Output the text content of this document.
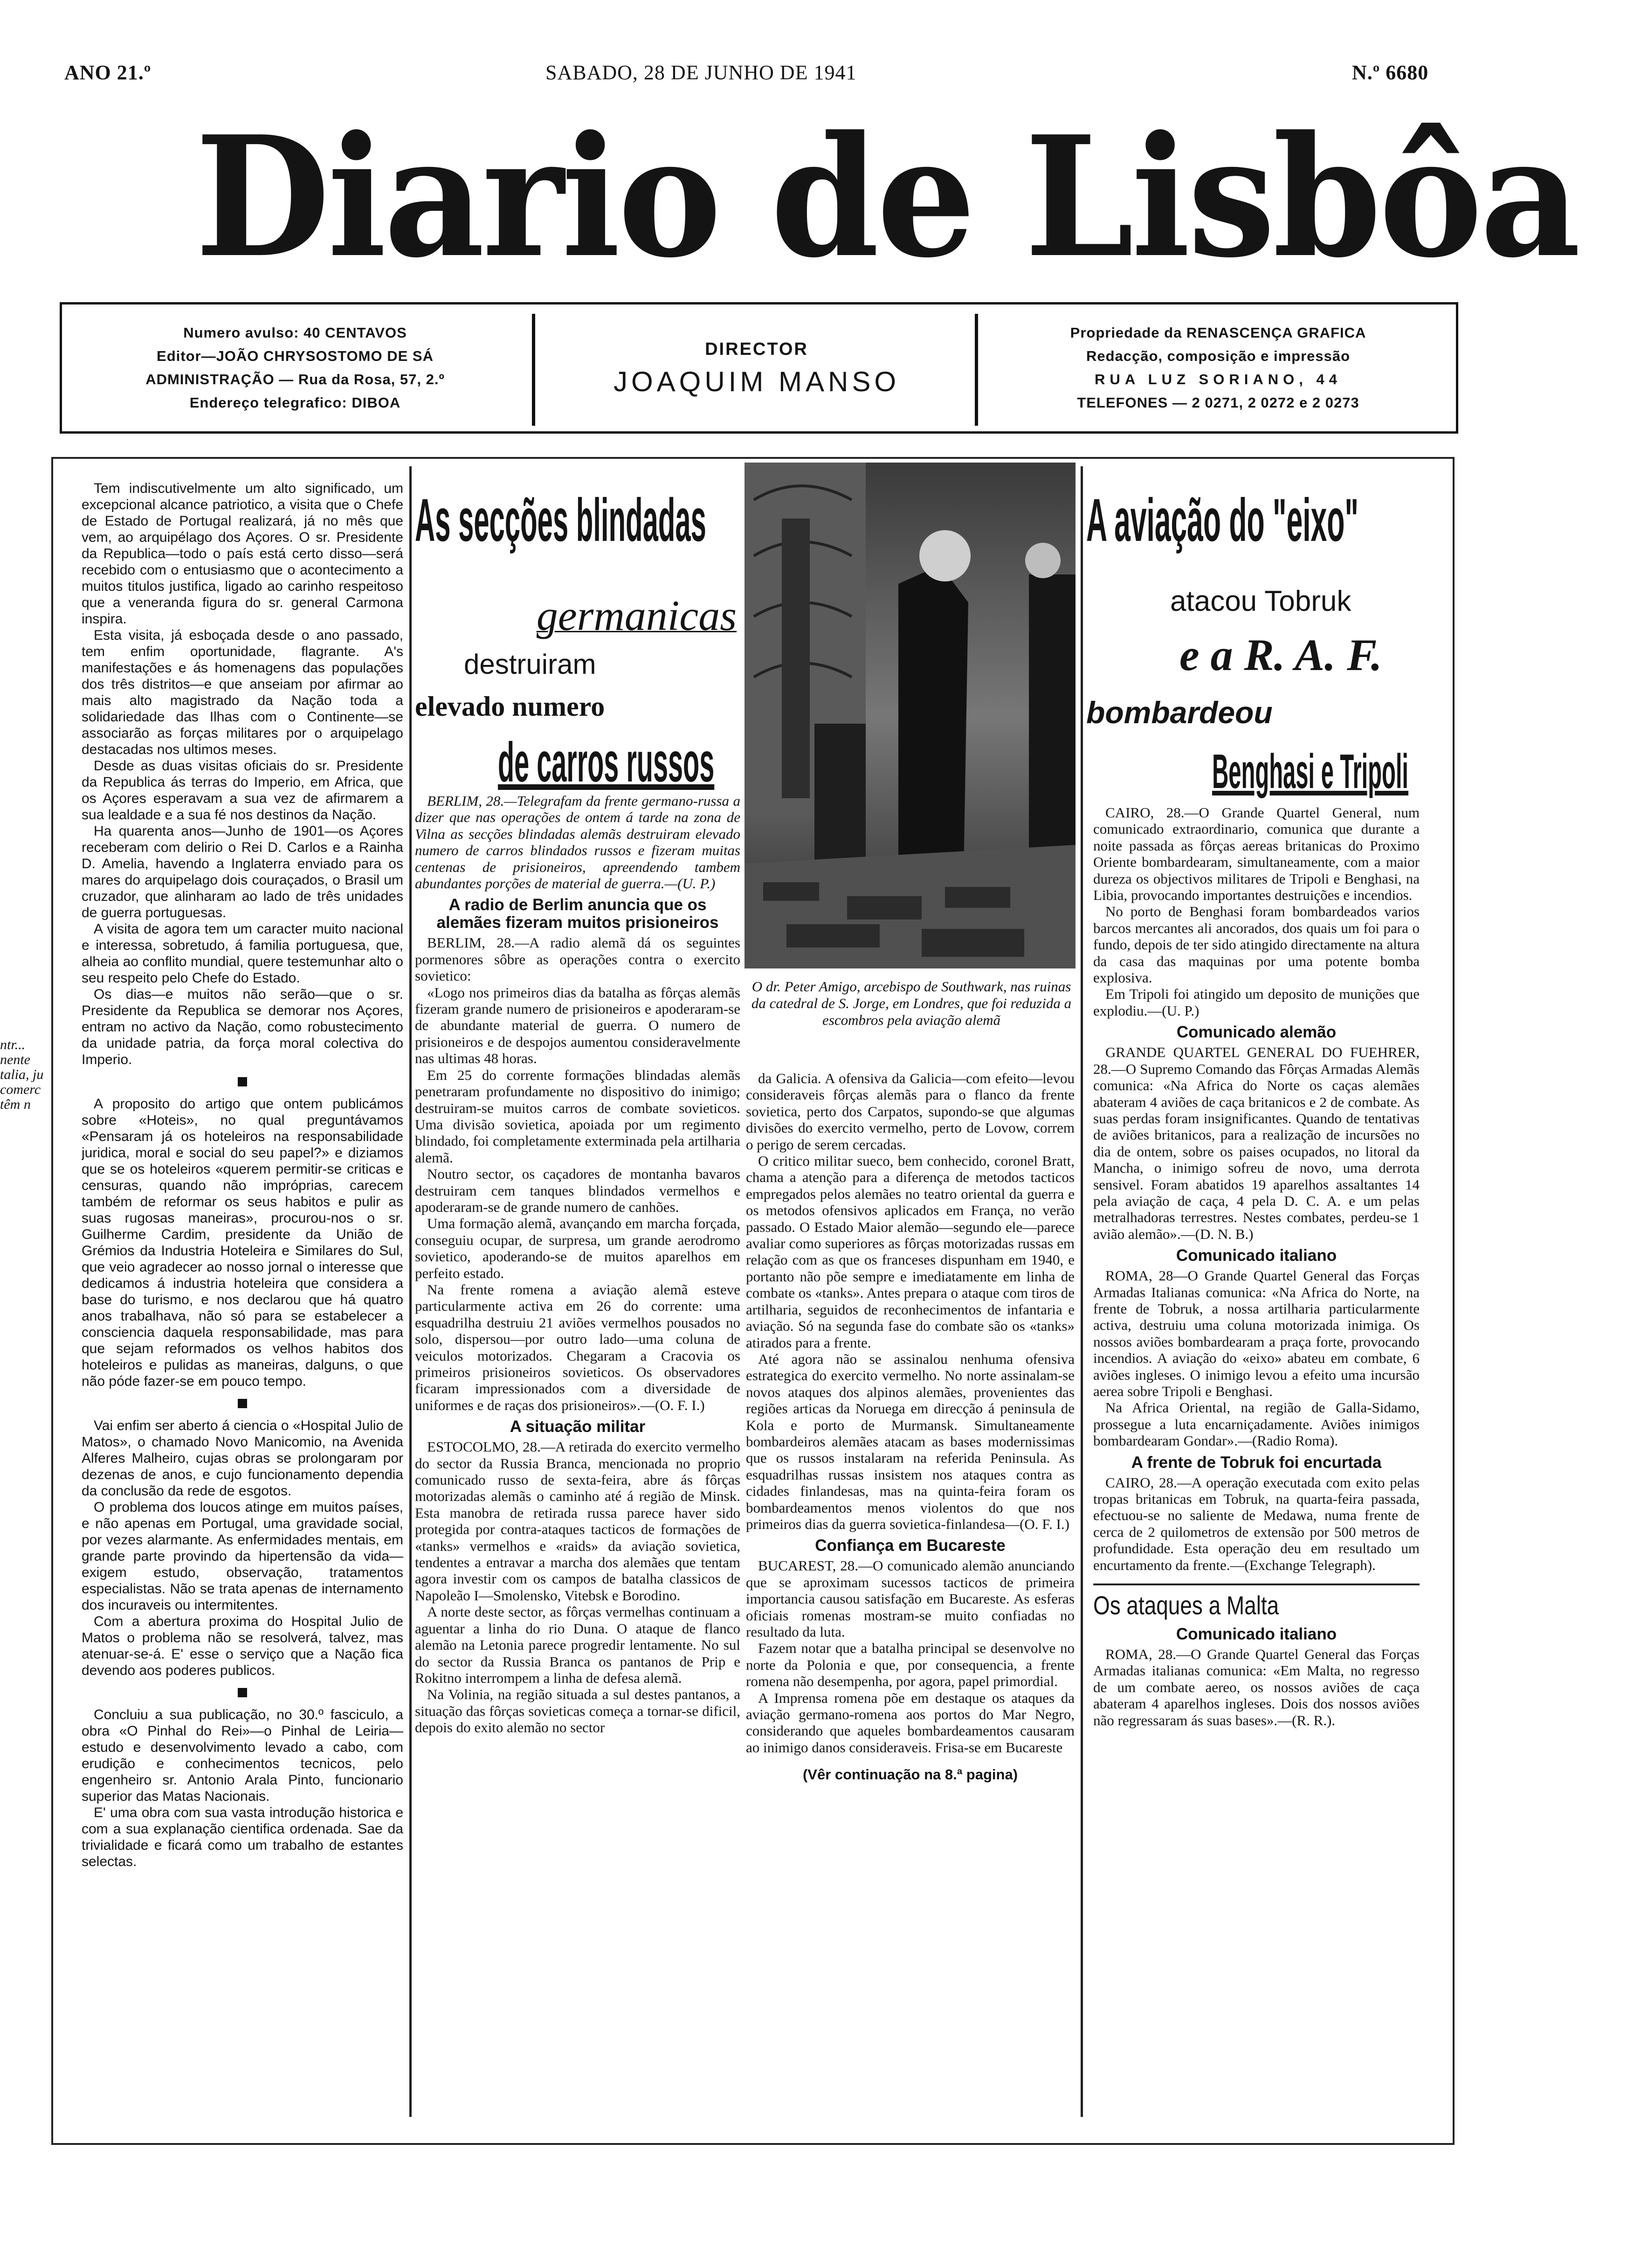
ANO 21.º	SABADO, 28 DE JUNHO DE 1941	N.º 6680
Diario de Lisbôa
Numero avulso: 40 CENTAVOS
Editor—JOÃO CHRYSOSTOMO DE SÁ
ADMINISTRAÇÃO — Rua da Rosa, 57, 2.º
Endereço telegrafico: DIBOA
DIRECTOR
JOAQUIM MANSO
Propriedade da RENASCENÇA GRAFICA
Redacção, composição e impressão
RUA LUZ SORIANO, 44
TELEFONES — 2 0271, 2 0272 e 2 0273
ntr...
nente
talia, ju
comerc
têm n

Tem indiscutivelmente um alto significado, um excepcional alcance patriotico, a visita que o Chefe de Estado de Portugal realizará, já no mês que vem, ao arquipélago dos Açores. O sr. Presidente da Republica—todo o país está certo disso—será recebido com o entusiasmo que o acontecimento a muitos titulos justifica, ligado ao carinho respeitoso que a veneranda figura do sr. general Carmona inspira.

Esta visita, já esboçada desde o ano passado, tem enfim oportunidade, flagrante. A's manifestações e ás homenagens das populações dos três distritos—e que anseiam por afirmar ao mais alto magistrado da Nação toda a solidariedade das Ilhas com o Continente—se associarão as forças militares por o arquipelago destacadas nos ultimos meses.

Desde as duas visitas oficiais do sr. Presidente da Republica ás terras do Imperio, em Africa, que os Açores esperavam a sua vez de afirmarem a sua lealdade e a sua fé nos destinos da Nação.

Ha quarenta anos—Junho de 1901—os Açores receberam com delirio o Rei D. Carlos e a Rainha D. Amelia, havendo a Inglaterra enviado para os mares do arquipelago dois couraçados, o Brasil um cruzador, que alinharam ao lado de três unidades de guerra portuguesas.

A visita de agora tem um caracter muito nacional e interessa, sobretudo, á familia portuguesa, que, alheia ao conflito mundial, quere testemunhar alto o seu respeito pelo Chefe do Estado.

Os dias—e muitos não serão—que o sr. Presidente da Republica se demorar nos Açores, entram no activo da Nação, como robustecimento da unidade patria, da força moral colectiva do Imperio.

A proposito do artigo que ontem publicámos sobre «Hoteis», no qual preguntávamos «Pensaram já os hoteleiros na responsabilidade juridica, moral e social do seu papel?» e diziamos que se os hoteleiros «querem permitir-se criticas e censuras, quando não impróprias, carecem também de reformar os seus habitos e pulir as suas rugosas maneiras», procurou-nos o sr. Guilherme Cardim, presidente da União de Grémios da Industria Hoteleira e Similares do Sul, que veio agradecer ao nosso jornal o interesse que dedicamos á industria hoteleira que considera a base do turismo, e nos declarou que há quatro anos trabalhava, não só para se estabelecer a consciencia daquela responsabilidade, mas para que sejam reformados os velhos habitos dos hoteleiros e pulidas as maneiras, dalguns, o que não póde fazer-se em pouco tempo.

Vai enfim ser aberto á ciencia o «Hospital Julio de Matos», o chamado Novo Manicomio, na Avenida Alferes Malheiro, cujas obras se prolongaram por dezenas de anos, e cujo funcionamento dependia da conclusão da rede de esgotos.

O problema dos loucos atinge em muitos países, e não apenas em Portugal, uma gravidade social, por vezes alarmante. As enfermidades mentais, em grande parte provindo da hipertensão da vida—exigem estudo, observação, tratamentos especialistas. Não se trata apenas de internamento dos incuraveis ou intermitentes.

Com a abertura proxima do Hospital Julio de Matos o problema não se resolverá, talvez, mas atenuar-se-á. E' esse o serviço que a Nação fica devendo aos poderes publicos.

Concluiu a sua publicação, no 30.º fasciculo, a obra «O Pinhal do Rei»—o Pinhal de Leiria—estudo e desenvolvimento levado a cabo, com erudição e conhecimentos tecnicos, pelo engenheiro sr. Antonio Arala Pinto, funcionario superior das Matas Nacionais.

E' uma obra com sua vasta introdução historica e com a sua explanação cientifica ordenada. Sae da trivialidade e ficará como um trabalho de estantes selectas.

As secções blindadas
germanicas
destruiram
elevado numero
de carros russos

BERLIM, 28.—Telegrafam da frente germano-russa a dizer que nas operações de ontem á tarde na zona de Vilna as secções blindadas alemãs destruiram elevado numero de carros blindados russos e fizeram muitas centenas de prisioneiros, apreendendo tambem abundantes porções de material de guerra.—(U. P.)

A radio de Berlim anuncia que os alemães fizeram muitos prisioneiros

BERLIM, 28.—A radio alemã dá os seguintes pormenores sôbre as operações contra o exercito sovietico:

«Logo nos primeiros dias da batalha as fôrças alemãs fizeram grande numero de prisioneiros e apoderaram-se de abundante material de guerra. O numero de prisioneiros e de despojos aumentou consideravelmente nas ultimas 48 horas.

Em 25 do corrente formações blindadas alemãs penetraram profundamente no dispositivo do inimigo; destruiram-se muitos carros de combate sovieticos. Uma divisão sovietica, apoiada por um regimento blindado, foi completamente exterminada pela artilharia alemã.

Noutro sector, os caçadores de montanha bavaros destruiram cem tanques blindados vermelhos e apoderaram-se de grande numero de canhões.

Uma formação alemã, avançando em marcha forçada, conseguiu ocupar, de surpresa, um grande aerodromo sovietico, apoderando-se de muitos aparelhos em perfeito estado.

Na frente romena a aviação alemã esteve particularmente activa em 26 do corrente: uma esquadrilha destruiu 21 aviões vermelhos pousados no solo, dispersou—por outro lado—uma coluna de veiculos motorizados. Chegaram a Cracovia os primeiros prisioneiros sovieticos. Os observadores ficaram impressionados com a diversidade de uniformes e de raças dos prisioneiros».—(O. F. I.)

A situação militar

ESTOCOLMO, 28.—A retirada do exercito vermelho do sector da Russia Branca, mencionada no proprio comunicado russo de sexta-feira, abre ás fôrças motorizadas alemãs o caminho até á região de Minsk. Esta manobra de retirada russa parece haver sido protegida por contra-ataques tacticos de formações de «tanks» vermelhos e «raids» da aviação sovietica, tendentes a entravar a marcha dos alemães que tentam agora investir com os campos de batalha classicos de Napoleão I—Smolensko, Vitebsk e Borodino.

A norte deste sector, as fôrças vermelhas continuam a aguentar a linha do rio Duna. O ataque de flanco alemão na Letonia parece progredir lentamente. No sul do sector da Russia Branca os pantanos de Prip e Rokitno interrompem a linha de defesa alemã.

Na Volinia, na região situada a sul destes pantanos, a situação das fôrças sovieticas começa a tornar-se dificil, depois do exito alemão no sector

O dr. Peter Amigo, arcebispo de Southwark, nas ruinas da catedral de S. Jorge, em Londres, que foi reduzida a escombros pela aviação alemã

da Galicia. A ofensiva da Galicia—com efeito—levou consideraveis fôrças alemãs para o flanco da frente sovietica, perto dos Carpatos, supondo-se que algumas divisões do exercito vermelho, perto de Lovow, correm o perigo de serem cercadas.

O critico militar sueco, bem conhecido, coronel Bratt, chama a atenção para a diferença de metodos tacticos empregados pelos alemães no teatro oriental da guerra e os metodos ofensivos aplicados em França, no verão passado. O Estado Maior alemão—segundo ele—parece avaliar como superiores as fôrças motorizadas russas em relação com as que os franceses dispunham em 1940, e portanto não põe sempre e imediatamente em linha de combate os «tanks». Antes prepara o ataque com tiros de artilharia, seguidos de reconhecimentos de infantaria e aviação. Só na segunda fase do combate são os «tanks» atirados para a frente.

Até agora não se assinalou nenhuma ofensiva estrategica do exercito vermelho. No norte assinalam-se novos ataques dos alpinos alemães, provenientes das regiões articas da Noruega em direcção á peninsula de Kola e porto de Murmansk. Simultaneamente bombardeiros alemães atacam as bases modernissimas que os russos instalaram na referida Peninsula. As esquadrilhas russas insistem nos ataques contra as cidades finlandesas, mas na quinta-feira foram os bombardeamentos menos violentos do que nos primeiros dias da guerra sovietica-finlandesa—(O. F. I.)

Confiança em Bucareste

BUCAREST, 28.—O comunicado alemão anunciando que se aproximam sucessos tacticos de primeira importancia causou satisfação em Bucareste. As esferas oficiais romenas mostram-se muito confiadas no resultado da luta.

Fazem notar que a batalha principal se desenvolve no norte da Polonia e que, por consequencia, a frente romena não desempenha, por agora, papel primordial.

A Imprensa romena põe em destaque os ataques da aviação germano-romena aos portos do Mar Negro, considerando que aqueles bombardeamentos causaram ao inimigo danos consideraveis. Frisa-se em Bucareste

(Vêr continuação na 8.ª pagina)
A aviação do "eixo"
atacou Tobruk
e a R. A. F.
bombardeou
Benghasi e Tripoli

CAIRO, 28.—O Grande Quartel General, num comunicado extraordinario, comunica que durante a noite passada as fôrças aereas britanicas do Proximo Oriente bombardearam, simultaneamente, com a maior dureza os objectivos militares de Tripoli e Benghasi, na Libia, provocando importantes destruições e incendios.

No porto de Benghasi foram bombardeados varios barcos mercantes ali ancorados, dos quais um foi para o fundo, depois de ter sido atingido directamente na altura da casa das maquinas por uma potente bomba explosiva.

Em Tripoli foi atingido um deposito de munições que explodiu.—(U. P.)

Comunicado alemão

GRANDE QUARTEL GENERAL DO FUEHRER, 28.—O Supremo Comando das Fôrças Armadas Alemãs comunica: «Na Africa do Norte os caças alemães abateram 4 aviões de caça britanicos e 2 de combate. As suas perdas foram insignificantes. Quando de tentativas de aviões britanicos, para a realização de incursões no dia de ontem, sobre os paises ocupados, no litoral da Mancha, o inimigo sofreu de novo, uma derrota sensivel. Foram abatidos 19 aparelhos assaltantes 14 pela aviação de caça, 4 pela D. C. A. e um pelas metralhadoras terrestres. Nestes combates, perdeu-se 1 avião alemão».—(D. N. B.)

Comunicado italiano

ROMA, 28—O Grande Quartel General das Forças Armadas Italianas comunica: «Na Africa do Norte, na frente de Tobruk, a nossa artilharia particularmente activa, destruiu uma coluna motorizada inimiga. Os nossos aviões bombardearam a praça forte, provocando incendios. A aviação do «eixo» abateu em combate, 6 aviões ingleses. O inimigo levou a efeito uma incursão aerea sobre Tripoli e Benghasi.

Na Africa Oriental, na região de Galla-Sidamo, prossegue a luta encarniçadamente. Aviões inimigos bombardearam Gondar».—(Radio Roma).

A frente de Tobruk foi encurtada

CAIRO, 28.—A operação executada com exito pelas tropas britanicas em Tobruk, na quarta-feira passada, efectuou-se no saliente de Medawa, numa frente de cerca de 2 quilometros de extensão por 500 metros de profundidade. Esta operação deu em resultado um encurtamento da frente.—(Exchange Telegraph).

Os ataques a Malta
Comunicado italiano

ROMA, 28.—O Grande Quartel General das Forças Armadas italianas comunica: «Em Malta, no regresso de um combate aereo, os nossos aviões de caça abateram 4 aparelhos ingleses. Dois dos nossos aviões não regressaram ás suas bases».—(R. R.).
